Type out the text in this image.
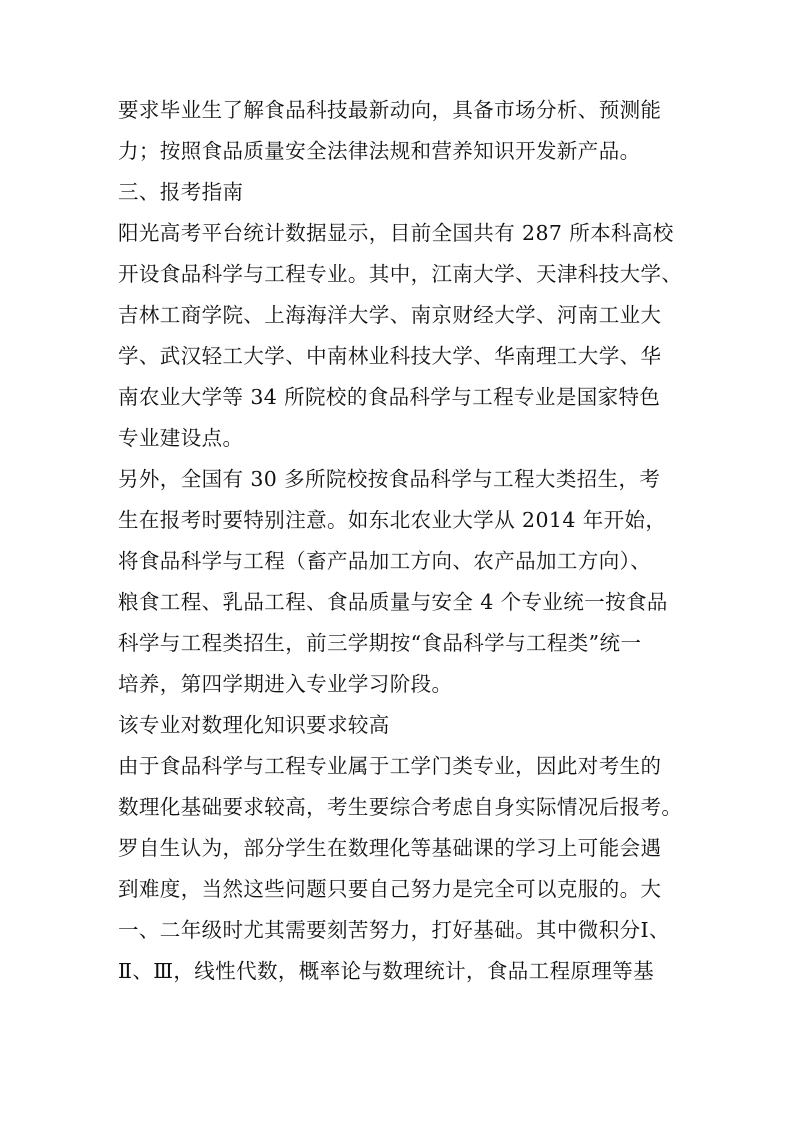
要求毕业生了解食品科技最新动向，具备市场分析、预测能
力；按照食品质量安全法律法规和营养知识开发新产品。
三、报考指南
阳光高考平台统计数据显示，目前全国共有 287 所本科高校
开设食品科学与工程专业。其中，江南大学、天津科技大学、
吉林工商学院、上海海洋大学、南京财经大学、河南工业大
学、武汉轻工大学、中南林业科技大学、华南理工大学、华
南农业大学等 34 所院校的食品科学与工程专业是国家特色
专业建设点。
另外，全国有 30 多所院校按食品科学与工程大类招生，考
生在报考时要特别注意。如东北农业大学从 2014 年开始，
将食品科学与工程（畜产品加工方向、农产品加工方向）、
粮食工程、乳品工程、食品质量与安全 4 个专业统一按食品
科学与工程类招生，前三学期按“食品科学与工程类”统一
培养，第四学期进入专业学习阶段。
该专业对数理化知识要求较高
由于食品科学与工程专业属于工学门类专业，因此对考生的
数理化基础要求较高，考生要综合考虑自身实际情况后报考。
罗自生认为，部分学生在数理化等基础课的学习上可能会遇
到难度，当然这些问题只要自己努力是完全可以克服的。大
一、二年级时尤其需要刻苦努力，打好基础。其中微积分Ⅰ、
Ⅱ、Ⅲ，线性代数，概率论与数理统计，食品工程原理等基
